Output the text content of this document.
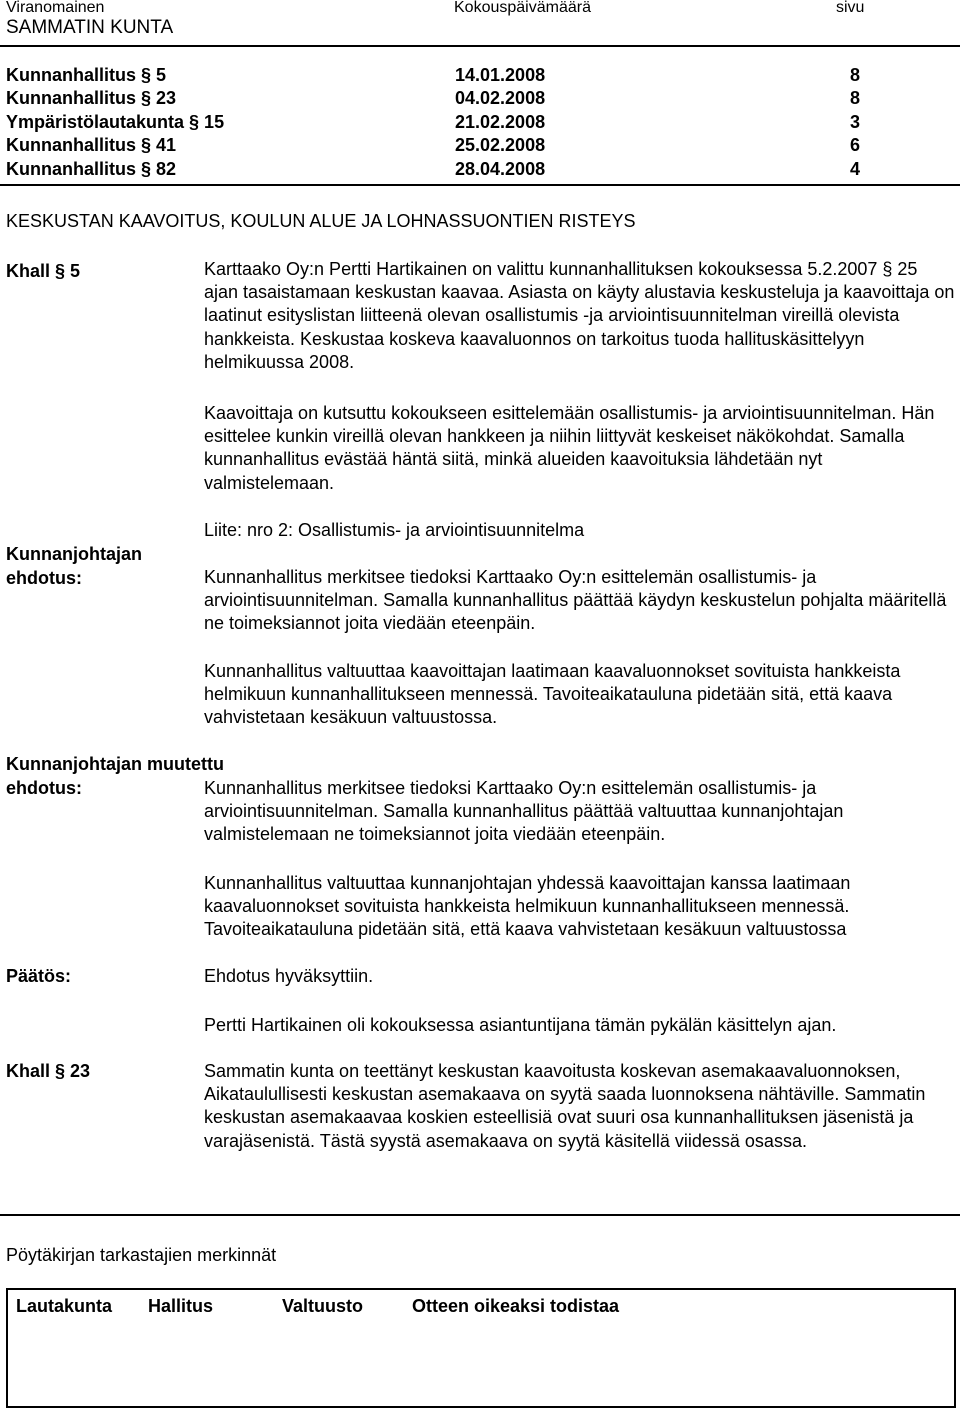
Viranomainen	Kokouspäivämäärä	sivu
SAMMATIN KUNTA
Kunnanhallitus § 5	14.01.2008	8
Kunnanhallitus § 23	04.02.2008	8
Ympäristölautakunta § 15	21.02.2008	3
Kunnanhallitus § 41	25.02.2008	6
Kunnanhallitus § 82	28.04.2008	4
KESKUSTAN KAAVOITUS, KOULUN ALUE JA LOHNASSUONTIEN RISTEYS
Khall § 5	Karttaako Oy:n Pertti Hartikainen on valittu kunnanhallituksen kokouksessa 5.2.2007 § 25 ajan tasaistamaan keskustan kaavaa. Asiasta on käyty alustavia keskusteluja ja kaavoittaja on laatinut esityslistan liitteenä olevan osallistumis -ja arviointisuunnitelman vireillä olevista hankkeista. Keskustaa koskeva kaavaluonnos on tarkoitus tuoda hallituskäsittelyyn helmikuussa 2008.
Kaavoittaja on kutsuttu kokoukseen esittelemään osallistumis- ja arviointisuunnitelman. Hän esittelee kunkin vireillä olevan hankkeen ja niihin liittyvät keskeiset näkökohdat. Samalla kunnanhallitus evästää häntä siitä, minkä alueiden kaavoituksia lähdetään nyt valmistelemaan.
Liite: nro 2: Osallistumis- ja arviointisuunnitelma
Kunnanjohtajan
ehdotus:	Kunnanhallitus merkitsee tiedoksi Karttaako Oy:n esittelemän osallistumis- ja arviointisuunnitelman. Samalla kunnanhallitus päättää käydyn keskustelun pohjalta määritellä ne toimeksiannot joita viedään eteenpäin.
Kunnanhallitus valtuuttaa kaavoittajan laatimaan kaavaluonnokset sovituista hankkeista helmikuun kunnanhallitukseen mennessä. Tavoiteaikatauluna pidetään sitä, että kaava vahvistetaan kesäkuun valtuustossa.
Kunnanjohtajan muutettu
ehdotus:	Kunnanhallitus merkitsee tiedoksi Karttaako Oy:n esittelemän osallistumis- ja arviointisuunnitelman. Samalla kunnanhallitus päättää valtuuttaa kunnanjohtajan valmistelemaan ne toimeksiannot joita viedään eteenpäin.
Kunnanhallitus valtuuttaa kunnanjohtajan yhdessä kaavoittajan kanssa laatimaan kaavaluonnokset sovituista hankkeista helmikuun kunnanhallitukseen mennessä. Tavoiteaikatauluna pidetään sitä, että kaava vahvistetaan kesäkuun valtuustossa
Päätös:	Ehdotus hyväksyttiin.
Pertti Hartikainen oli kokouksessa asiantuntijana tämän pykälän käsittelyn ajan.
Khall § 23	Sammatin kunta on teettänyt keskustan kaavoitusta koskevan asemakaavaluonnoksen, Aikataulullisesti keskustan asemakaava on syytä saada luonnoksena nähtäville. Sammatin keskustan asemakaavaa koskien esteellisiä ovat suuri osa kunnanhallituksen jäsenistä ja varajäsenistä. Tästä syystä asemakaava on syytä käsitellä viidessä osassa.
Pöytäkirjan tarkastajien merkinnät
Lautakunta Hallitus	Valtuusto	Otteen oikeaksi todistaa
